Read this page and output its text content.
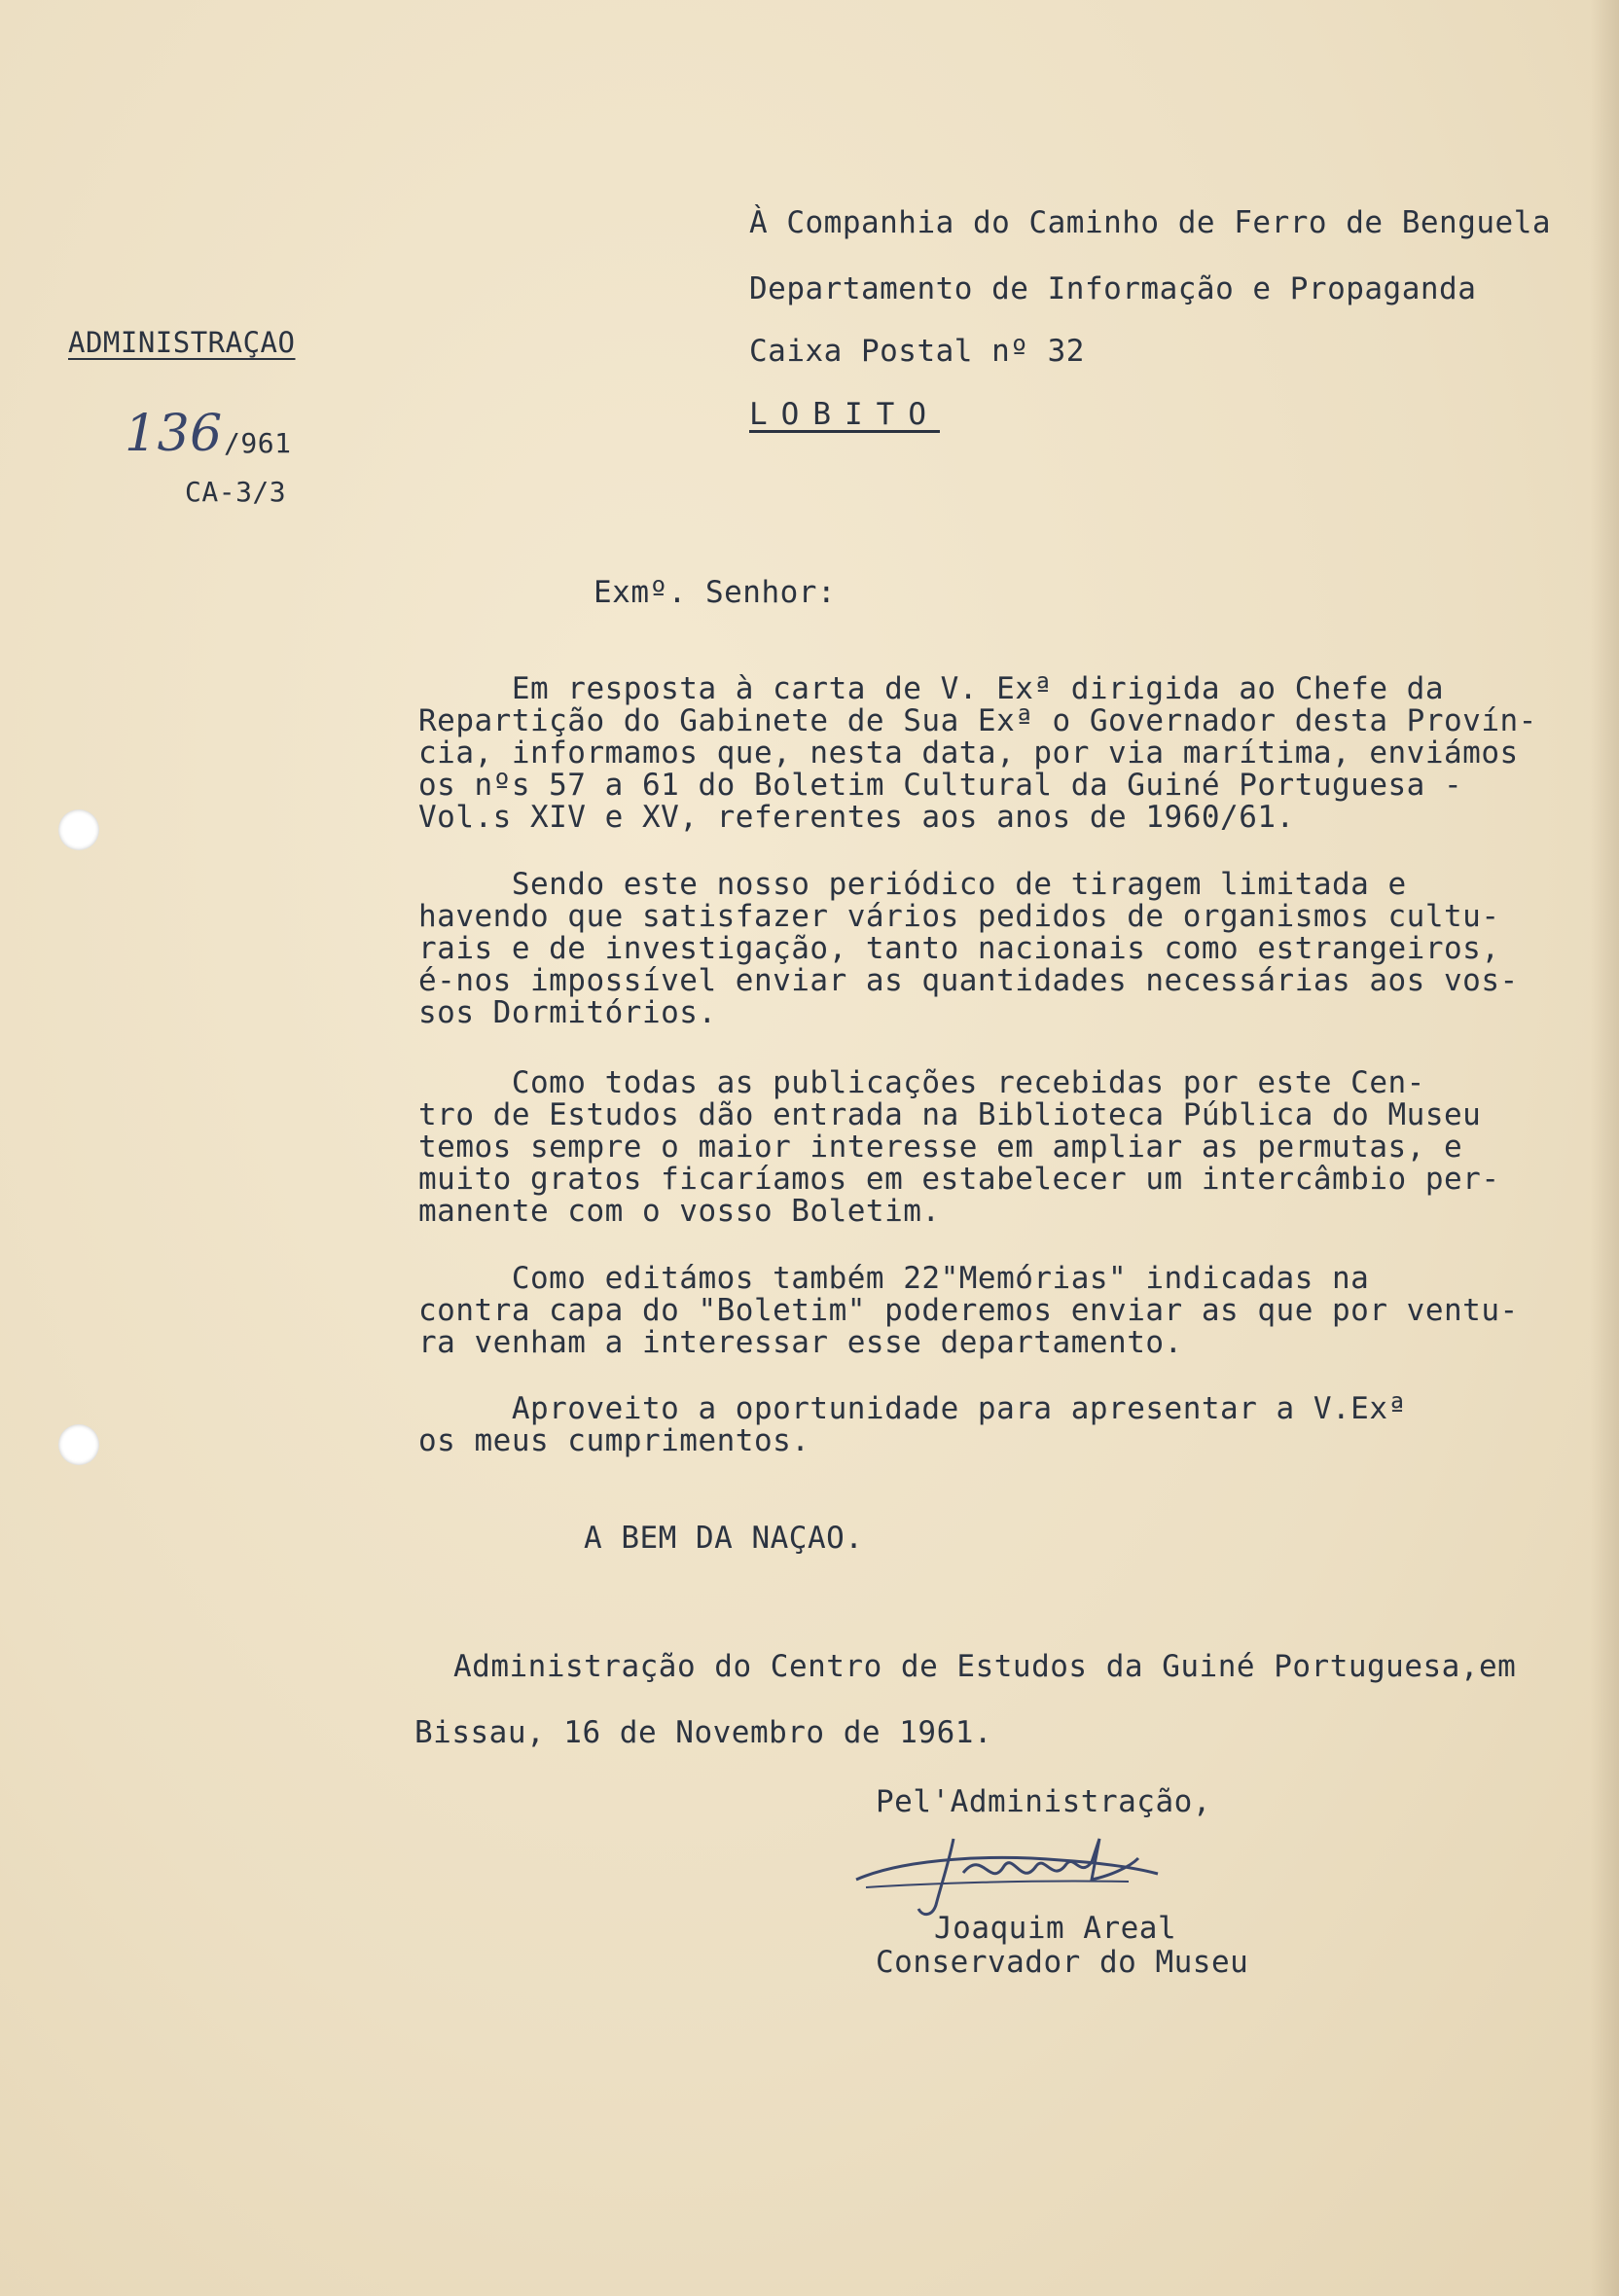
À Companhia do Caminho de Ferro de Benguela
Departamento de Informação e Propaganda
Caixa Postal nº 32
LOBITO
ADMINISTRAÇAO
136 /961
CA-3/3
Exmº. Senhor:
Em resposta à carta de V. Exª dirigida ao Chefe da
Repartição do Gabinete de Sua Exª o Governador desta Provín-
cia, informamos que, nesta data, por via marítima, enviámos
os nºs 57 a 61 do Boletim Cultural da Guiné Portuguesa -
Vol.s XIV e XV, referentes aos anos de 1960/61.
Sendo este nosso periódico de tiragem limitada e
havendo que satisfazer vários pedidos de organismos cultu-
rais e de investigação, tanto nacionais como estrangeiros,
é-nos impossível enviar as quantidades necessárias aos vos-
sos Dormitórios.
Como todas as publicações recebidas por este Cen-
tro de Estudos dão entrada na Biblioteca Pública do Museu
temos sempre o maior interesse em ampliar as permutas, e
muito gratos ficaríamos em estabelecer um intercâmbio per-
manente com o vosso Boletim.
Como editámos também 22"Memórias" indicadas na
contra capa do "Boletim" poderemos enviar as que por ventu-
ra venham a interessar esse departamento.
Aproveito a oportunidade para apresentar a V.Exª
os meus cumprimentos.
A BEM DA NAÇAO.
Administração do Centro de Estudos da Guiné Portuguesa,em
Bissau, 16 de Novembro de 1961.
Pel'Administração,
Joaquim Areal
Conservador do Museu
